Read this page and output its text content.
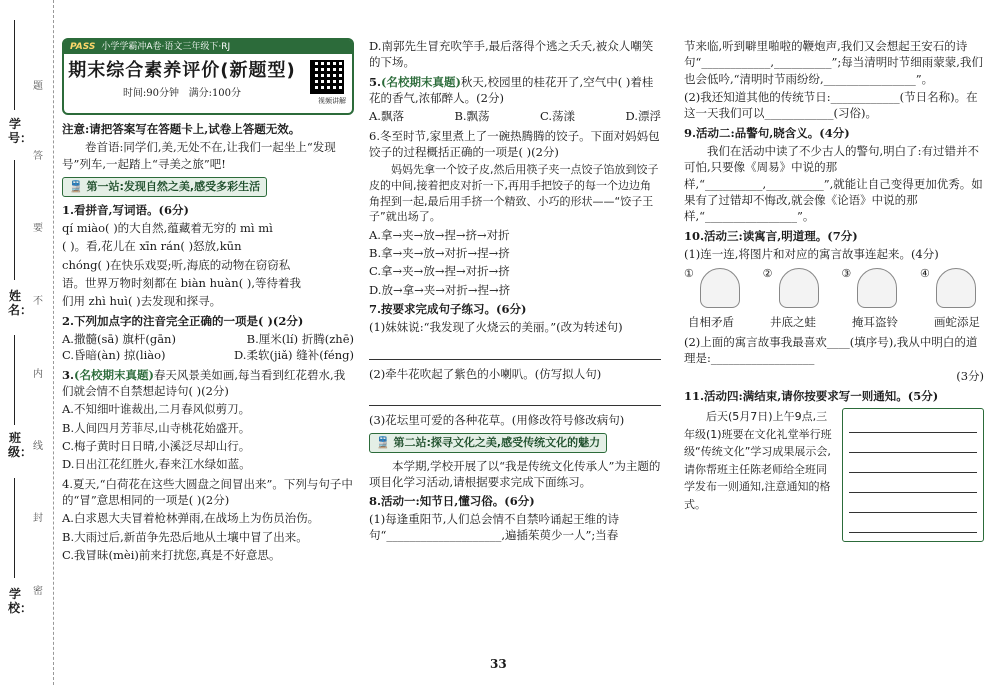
学号：
姓名：
班级：
学校：
题
答
要
不
内
线
封
密
PASS 小学学霸冲A卷·语文三年级下·RJ
期末综合素养评价(新题型)
时间:90分钟 满分:100分
视频讲解

注意:请把答案写在答题卡上,试卷上答题无效。

卷首语:同学们,美,无处不在,让我们一起坐上“发现号”列车,一起踏上“寻美之旅”吧!

🚆 第一站:发现自然之美,感受多彩生活

1.看拼音,写词语。(6分)

qí miào( )的大自然,蕴藏着无穷的 mì mì

( )。看,花儿在 xīn rán( )怒放,kūn

chóng( )在快乐戏耍;听,海底的动物在窃窃私

语。世界万物时刻都在 biàn huàn( ),等待着我

们用 zhì huì( )去发现和探寻。

2.下列加点字的注音完全正确的一项是( )(2分)

A.撒髓(sā) 旗杆(gān)	B.厘米(lí) 折腾(zhē)
C.昏暗(àn) 掠(liào)	D.柔软(jiǎ) 缝补(féng)

3.(名校期末真题)春天风景美如画,每当看到红花碧水,我们就会情不自禁想起诗句( )(2分)

A.不知细叶谁裁出,二月春风似剪刀。

B.人间四月芳菲尽,山寺桃花始盛开。

C.梅子黄时日日晴,小溪泛尽却山行。

D.日出江花红胜火,春来江水绿如蓝。

4.夏天,“白荷花在这些大圆盘之间冒出来”。下列与句子中的“冒”意思相同的一项是( )(2分)

A.白求恩大夫冒着枪林弹雨,在战场上为伤员治伤。

B.大雨过后,新苗争先恐后地从土壤中冒了出来。

C.我冒昧(mèi)前来打扰您,真是不好意思。

D.南郭先生冒充吹竽手,最后落得个逃之夭夭,被众人嘲笑的下场。

5.(名校期末真题)秋天,校园里的桂花开了,空气中( )着桂花的香气,浓郁醉人。(2分)

A.飘落	B.飘荡	C.荡漾	D.漂浮

6.冬至时节,家里煮上了一碗热腾腾的饺子。下面对妈妈包饺子的过程概括正确的一项是( )(2分)

妈妈先拿一个饺子皮,然后用筷子夹一点饺子馅放到饺子皮的中间,接着把皮对折一下,再用手把饺子的每一个边边角角捏到一起,最后用手挤一个精致、小巧的形状——“饺子王子”就出场了。

A.拿→夹→放→捏→挤→对折

B.拿→夹→放→对折→捏→挤

C.拿→夹→放→捏→对折→挤

D.放→拿→夹→对折→捏→挤

7.按要求完成句子练习。(6分)

(1)妹妹说:“我发现了火烧云的美丽。”(改为转述句)

(2)牵牛花吹起了紫色的小喇叭。(仿写拟人句)

(3)花坛里可爱的各种花草。(用修改符号修改病句)

🚆 第二站:探寻文化之美,感受传统文化的魅力

本学期,学校开展了以“我是传统文化传承人”为主题的项目化学习活动,请根据要求完成下面练习。

8.活动一:知节日,懂习俗。(6分)

(1)每逢重阳节,人们总会情不自禁吟诵起王维的诗句“____________________,遍插茱萸少一人”;当春

节来临,听到噼里啪啦的鞭炮声,我们又会想起王安石的诗句“____________,__________”;每当清明时节细雨蒙蒙,我们也会低吟,“清明时节雨纷纷,________________”。

(2)我还知道其他的传统节日:____________(节日名称)。在这一天我们可以____________(习俗)。

9.活动二:品警句,晓含义。(4分)

我们在活动中读了不少古人的警句,明白了:有过错并不可怕,只要像《周易》中说的那样,“__________,__________”,就能让自己变得更加优秀。如果有了过错却不悔改,就会像《论语》中说的那样,“________________”。

10.活动三:读寓言,明道理。(7分)

(1)连一连,将图片和对应的寓言故事连起来。(4分)

①	②	③	④
自相矛盾	井底之蛙	掩耳盗铃	画蛇添足

(2)上面的寓言故事我最喜欢____(填序号),我从中明白的道理是:__________________

(3分)

11.活动四:满结束,请你按要求写一则通知。(5分)

后天(5月7日)上午9点,三年级(1)班要在文化礼堂举行班级“传统文化”学习成果展示会,请你帮班主任陈老师给全班同学发布一则通知,注意通知的格式。

33
